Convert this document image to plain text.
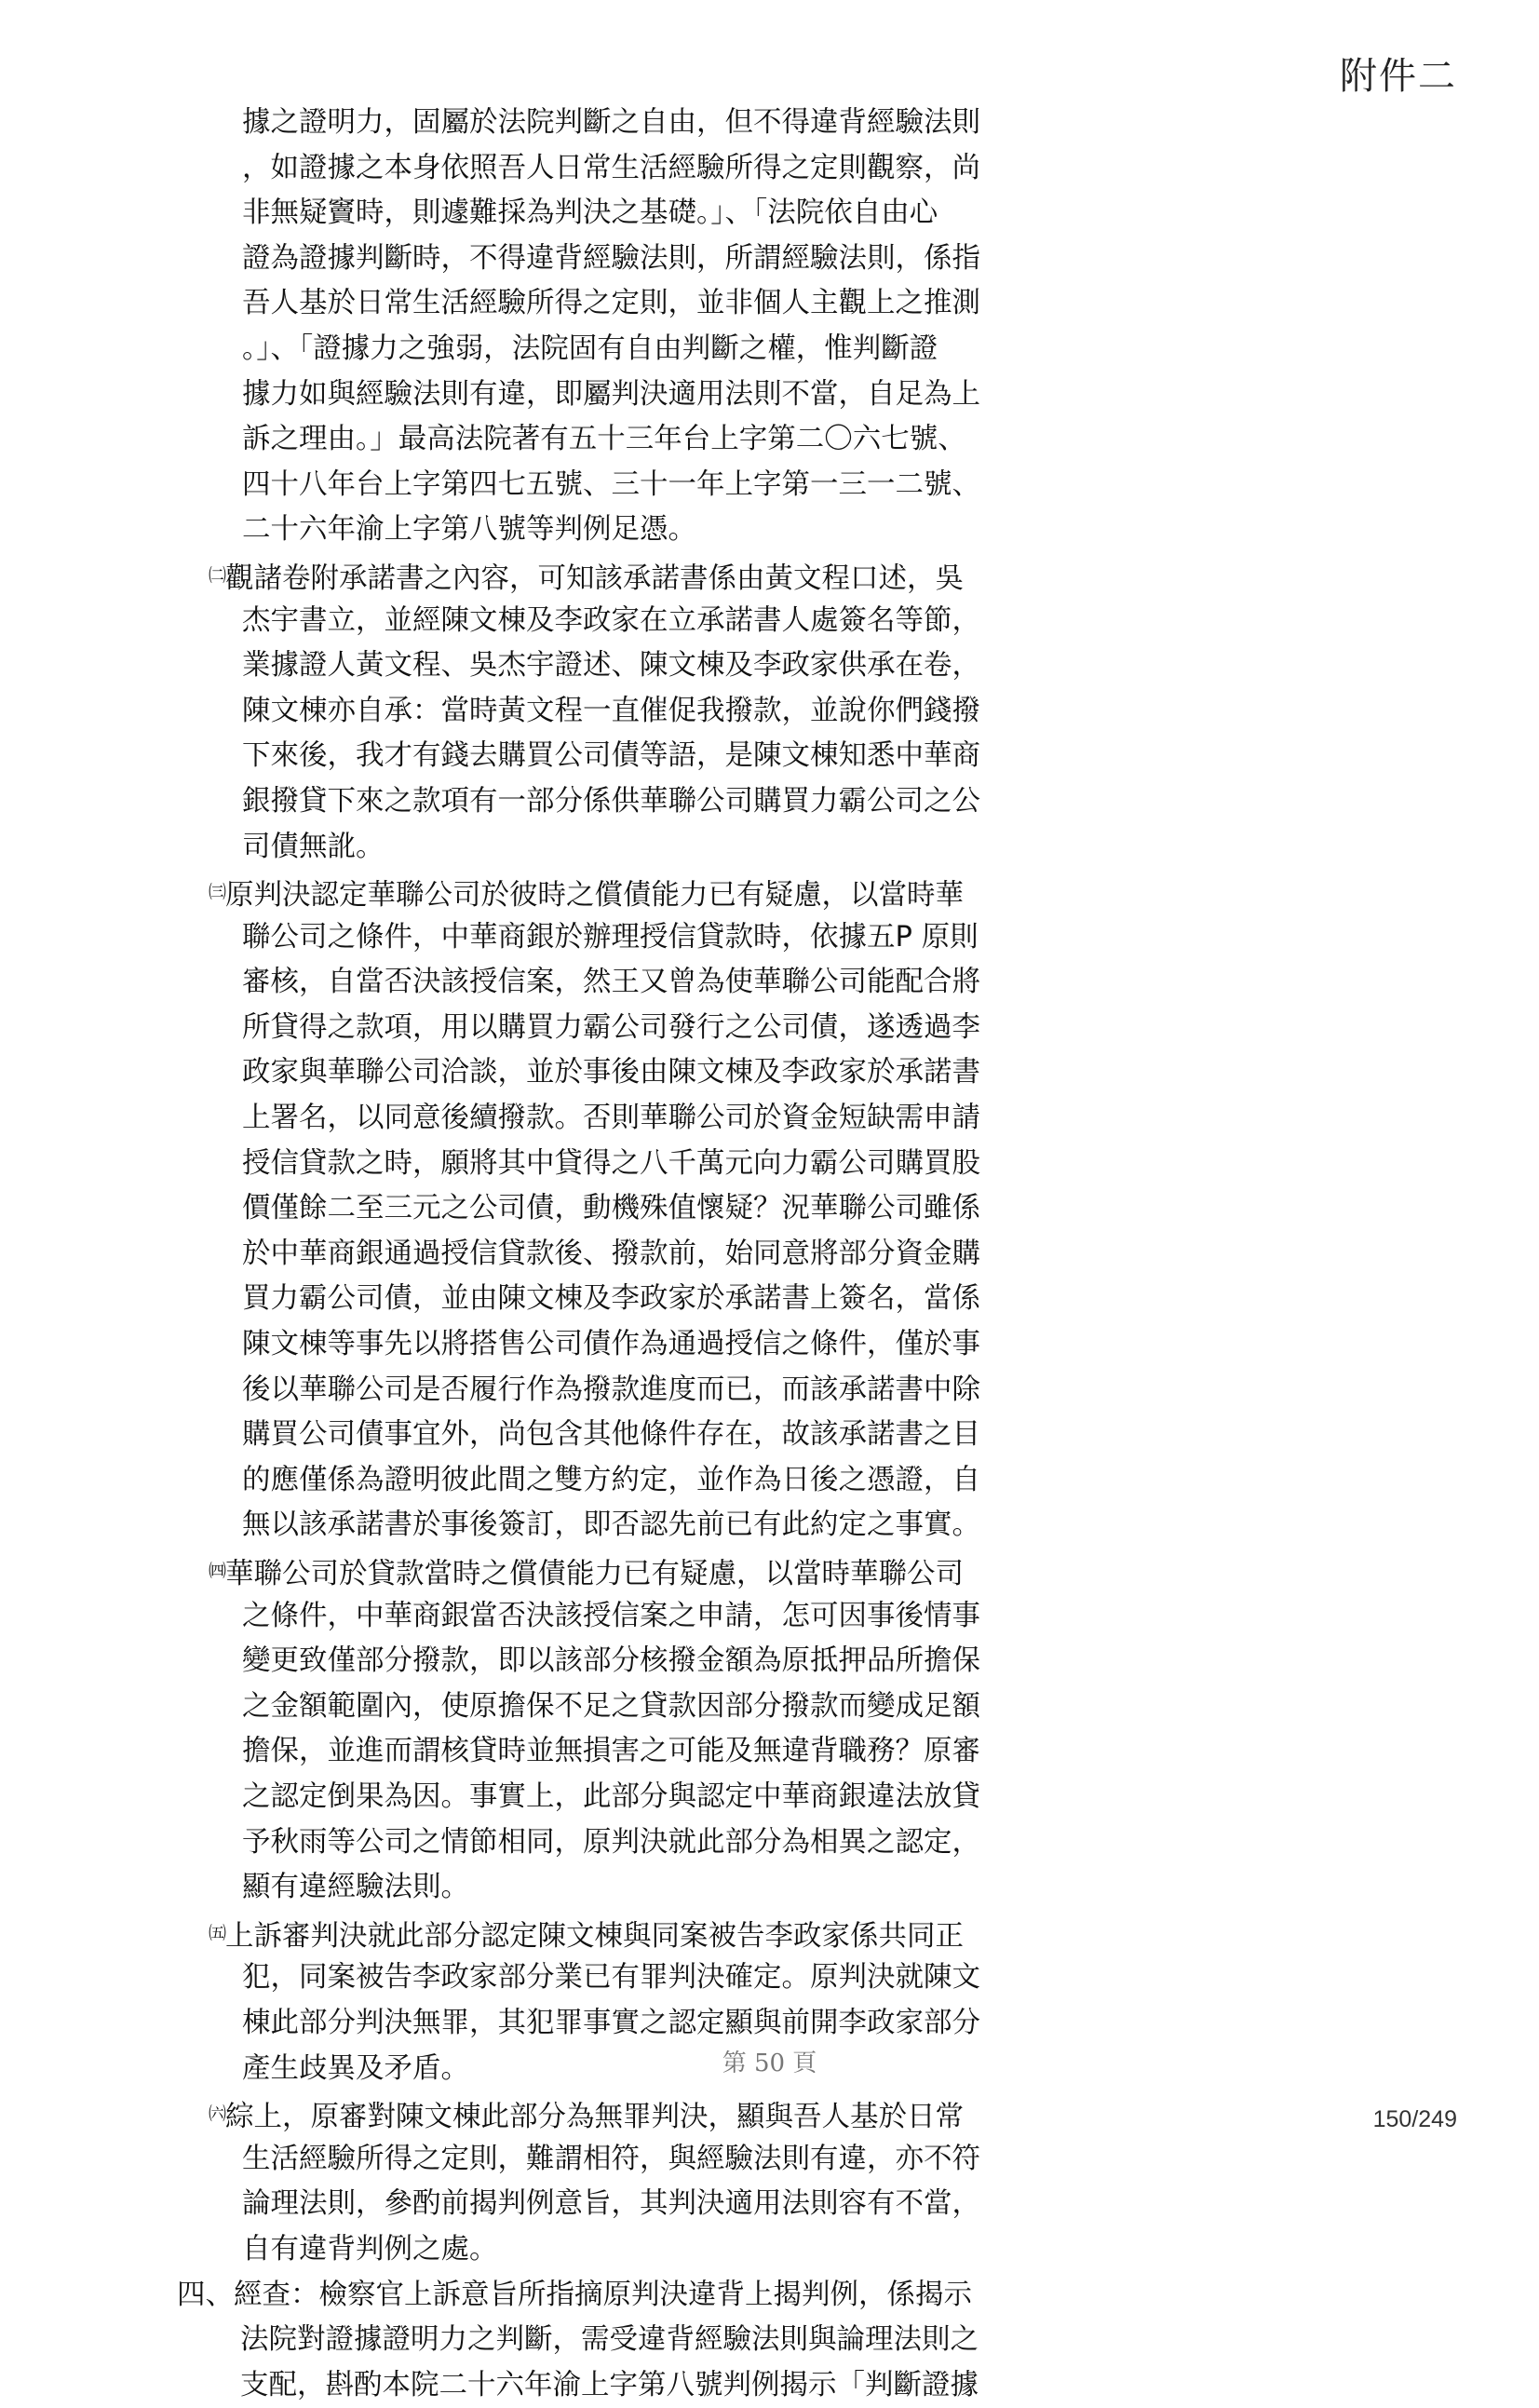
附件二
據之證明力，固屬於法院判斷之自由，但不得違背經驗法則
，如證據之本身依照吾人日常生活經驗所得之定則觀察，尚
非無疑竇時，則遽難採為判決之基礎。」、「法院依自由心
證為證據判斷時，不得違背經驗法則，所謂經驗法則，係指
吾人基於日常生活經驗所得之定則，並非個人主觀上之推測
。」、「證據力之強弱，法院固有自由判斷之權，惟判斷證
據力如與經驗法則有違，即屬判決適用法則不當，自足為上
訴之理由。」最高法院著有五十三年台上字第二〇六七號、
四十八年台上字第四七五號、三十一年上字第一三一二號、
二十六年渝上字第八號等判例足憑。
$^㈡$觀諸卷附承諾書之內容，可知該承諾書係由黃文程口述，吳
杰宇書立，並經陳文棟及李政家在立承諾書人處簽名等節，
業據證人黃文程、吳杰宇證述、陳文棟及李政家供承在卷，
陳文棟亦自承：當時黃文程一直催促我撥款，並說你們錢撥
下來後，我才有錢去購買公司債等語，是陳文棟知悉中華商
銀撥貸下來之款項有一部分係供華聯公司購買力霸公司之公
司債無訛。
$^㈢$原判決認定華聯公司於彼時之償債能力已有疑慮，以當時華
聯公司之條件，中華商銀於辦理授信貸款時，依據五P 原則
審核，自當否決該授信案，然王又曾為使華聯公司能配合將
所貸得之款項，用以購買力霸公司發行之公司債，遂透過李
政家與華聯公司洽談，並於事後由陳文棟及李政家於承諾書
上署名，以同意後續撥款。否則華聯公司於資金短缺需申請
授信貸款之時，願將其中貸得之八千萬元向力霸公司購買股
價僅餘二至三元之公司債，動機殊值懷疑？況華聯公司雖係
於中華商銀通過授信貸款後、撥款前，始同意將部分資金購
買力霸公司債，並由陳文棟及李政家於承諾書上簽名，當係
陳文棟等事先以將搭售公司債作為通過授信之條件，僅於事
後以華聯公司是否履行作為撥款進度而已，而該承諾書中除
購買公司債事宜外，尚包含其他條件存在，故該承諾書之目
的應僅係為證明彼此間之雙方約定，並作為日後之憑證，自
無以該承諾書於事後簽訂，即否認先前已有此約定之事實。
$^㈣$華聯公司於貸款當時之償債能力已有疑慮，以當時華聯公司
之條件，中華商銀當否決該授信案之申請，怎可因事後情事
變更致僅部分撥款，即以該部分核撥金額為原抵押品所擔保
之金額範圍內，使原擔保不足之貸款因部分撥款而變成足額
擔保，並進而謂核貸時並無損害之可能及無違背職務？原審
之認定倒果為因。事實上，此部分與認定中華商銀違法放貸
予秋雨等公司之情節相同，原判決就此部分為相異之認定，
顯有違經驗法則。
$^㈤$上訴審判決就此部分認定陳文棟與同案被告李政家係共同正
犯，同案被告李政家部分業已有罪判決確定。原判決就陳文
棟此部分判決無罪，其犯罪事實之認定顯與前開李政家部分
產生歧異及矛盾。
$^㈥$綜上，原審對陳文棟此部分為無罪判決，顯與吾人基於日常
生活經驗所得之定則，難謂相符，與經驗法則有違，亦不符
論理法則，參酌前揭判例意旨，其判決適用法則容有不當，
自有違背判例之處。
四、經查：檢察官上訴意旨所指摘原判決違背上揭判例，係揭示
法院對證據證明力之判斷，需受違背經驗法則與論理法則之
支配，斟酌本院二十六年渝上字第八號判例揭示「判斷證據
第 50 頁
150/249
